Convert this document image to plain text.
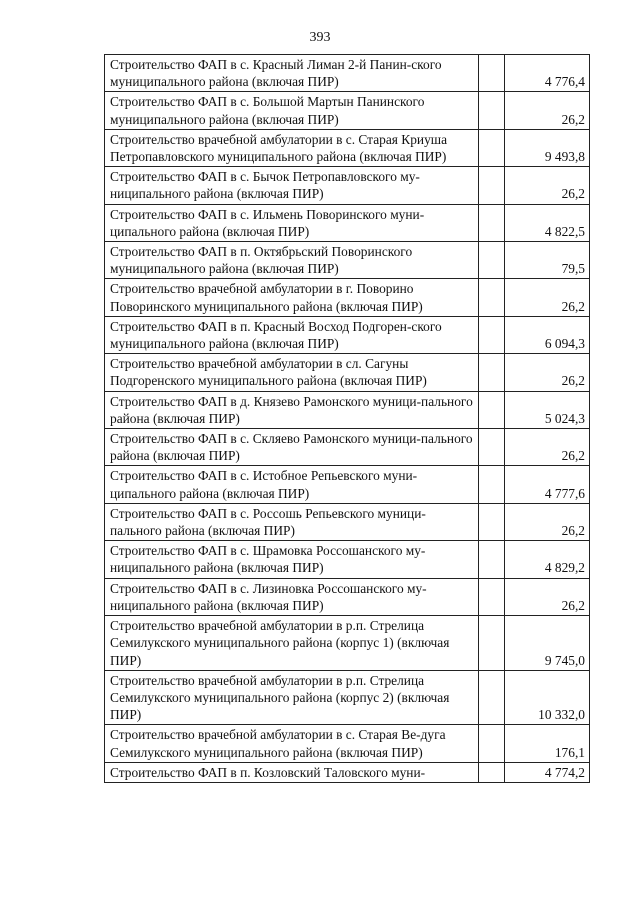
393
Строительство ФАП в с. Красный Лиман 2-й Панин-ского муниципального района (включая ПИР)		4 776,4
Строительство ФАП в с. Большой Мартын Панинского муниципального района (включая ПИР)		26,2
Строительство врачебной амбулатории в с. Старая Криуша Петропавловского муниципального района (включая ПИР)		9 493,8
Строительство ФАП в с. Бычок Петропавловского му-ниципального района (включая ПИР)		26,2
Строительство ФАП в с. Ильмень Поворинского муни-ципального района (включая ПИР)		4 822,5
Строительство ФАП в п. Октябрьский Поворинского муниципального района (включая ПИР)		79,5
Строительство врачебной амбулатории в г. Поворино Поворинского муниципального района (включая ПИР)		26,2
Строительство ФАП в п. Красный Восход Подгорен-ского муниципального района (включая ПИР)		6 094,3
Строительство врачебной амбулатории в сл. Сагуны Подгоренского муниципального района (включая ПИР)		26,2
Строительство ФАП в д. Князево Рамонского муници-пального района (включая ПИР)		5 024,3
Строительство ФАП в с. Скляево Рамонского муници-пального района (включая ПИР)		26,2
Строительство ФАП в с. Истобное Репьевского муни-ципального района (включая ПИР)		4 777,6
Строительство ФАП в с. Россошь Репьевского муници-пального района (включая ПИР)		26,2
Строительство ФАП в с. Шрамовка Россошанского му-ниципального района (включая ПИР)		4 829,2
Строительство ФАП в с. Лизиновка Россошанского му-ниципального района (включая ПИР)		26,2
Строительство врачебной амбулатории в р.п. Стрелица Семилукского муниципального района (корпус 1) (включая ПИР)		9 745,0
Строительство врачебной амбулатории в р.п. Стрелица Семилукского муниципального района (корпус 2) (включая ПИР)		10 332,0
Строительство врачебной амбулатории в с. Старая Ве-дуга Семилукского муниципального района (включая ПИР)		176,1
Строительство ФАП в п. Козловский Таловского муни-		4 774,2
